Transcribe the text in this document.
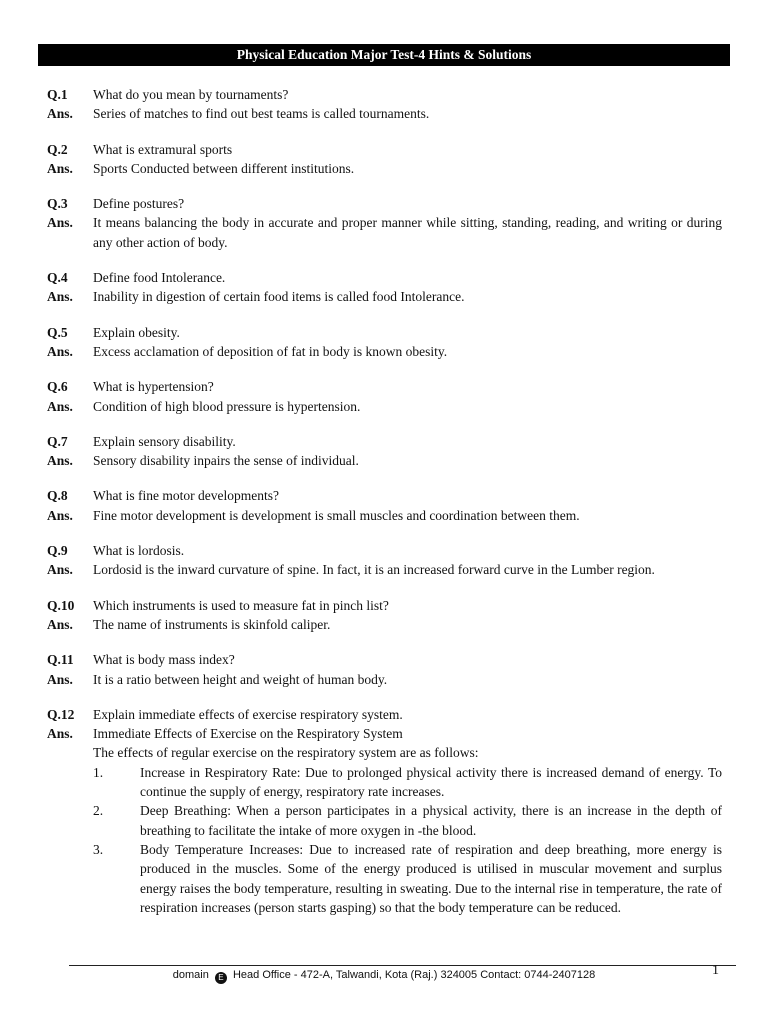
Physical Education Major Test-4 Hints & Solutions
Q.1	What do you mean by tournaments?
Ans.	Series of matches to find out best teams is called tournaments.
Q.2	What is extramural sports
Ans.	Sports Conducted between different institutions.
Q.3	Define postures?
Ans.	It means balancing the body in accurate and proper manner while sitting, standing, reading, and writing or during any other action of body.
Q.4	Define food Intolerance.
Ans.	Inability in digestion of certain food items is called food Intolerance.
Q.5	Explain obesity.
Ans.	Excess acclamation of deposition of fat in body is known obesity.
Q.6	What is hypertension?
Ans.	Condition of high blood pressure is hypertension.
Q.7	Explain sensory disability.
Ans.	Sensory disability inpairs the sense of individual.
Q.8	What is fine motor developments?
Ans.	Fine motor development is development is small muscles and coordination between them.
Q.9	What is lordosis.
Ans.	Lordosid is the inward curvature of spine. In fact, it is an increased forward curve in the Lumber region.
Q.10	Which instruments is used to measure fat in pinch list?
Ans.	The name of instruments is skinfold caliper.
Q.11	What is body mass index?
Ans.	It is a ratio between height and weight of human body.
Q.12	Explain immediate effects of exercise respiratory system.
Ans.	Immediate Effects of Exercise on the Respiratory System
The effects of regular exercise on the respiratory system are as follows:
1.	Increase in Respiratory Rate: Due to prolonged physical activity there is increased demand of energy. To continue the supply of energy, respiratory rate increases.
2.	Deep Breathing: When a person participates in a physical activity, there is an increase in the depth of breathing to facilitate the intake of more oxygen in -the blood.
3.	Body Temperature Increases: Due to increased rate of respiration and deep breathing, more energy is produced in the muscles. Some of the energy produced is utilised in muscular movement and surplus energy raises the body temperature, resulting in sweating. Due to the internal rise in temperature, the rate of respiration increases (person starts gasping) so that the body temperature can be reduced.
domain E Head Office - 472-A, Talwandi, Kota (Raj.) 324005 Contact: 0744-2407128	1
